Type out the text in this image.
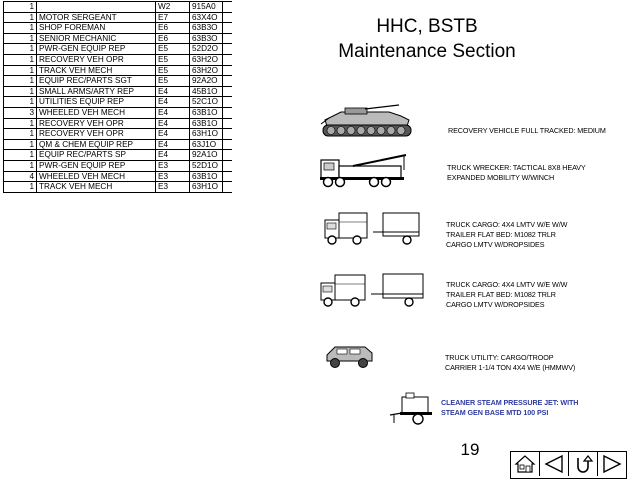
1		W2	915A0	
1	MOTOR SERGEANT	E7	63X4O	
1	SHOP FOREMAN	E6	63B3O	
1	SENIOR MECHANIC	E6	63B3O	
1	PWR-GEN EQUIP REP	E5	52D2O	
1	RECOVERY VEH OPR	E5	63H2O	
1	TRACK VEH MECH	E5	63H2O	
1	EQUIP REC/PARTS SGT	E5	92A2O	
1	SMALL ARMS/ARTY REP	E4	45B1O	
1	UTILITIES EQUIP REP	E4	52C1O	
3	WHEELED VEH MECH	E4	63B1O	
1	RECOVERY VEH OPR	E4	63B1O	
1	RECOVERY VEH OPR	E4	63H1O	
1	QM & CHEM EQUIP REP	E4	63J1O	
1	EQUIP REC/PARTS SP	E4	92A1O	
1	PWR-GEN EQUIP REP	E3	52D1O	
4	WHEELED VEH MECH	E3	63B1O	
1	TRACK VEH MECH	E3	63H1O	
HHC, BSTB
Maintenance Section
RECOVERY VEHICLE FULL TRACKED: MEDIUM
TRUCK WRECKER: TACTICAL 8X8 HEAVY
EXPANDED MOBILITY W/WINCH
TRUCK CARGO: 4X4 LMTV W/E W/W
TRAILER FLAT BED: M1082 TRLR
CARGO LMTV W/DROPSIDES
TRUCK CARGO: 4X4 LMTV W/E W/W
TRAILER FLAT BED: M1082 TRLR
CARGO LMTV W/DROPSIDES
TRUCK UTILITY: CARGO/TROOP
CARRIER 1-1/4 TON 4X4 W/E (HMMWV)
CLEANER STEAM PRESSURE JET: WITH
STEAM GEN BASE MTD 100 PSI
19
